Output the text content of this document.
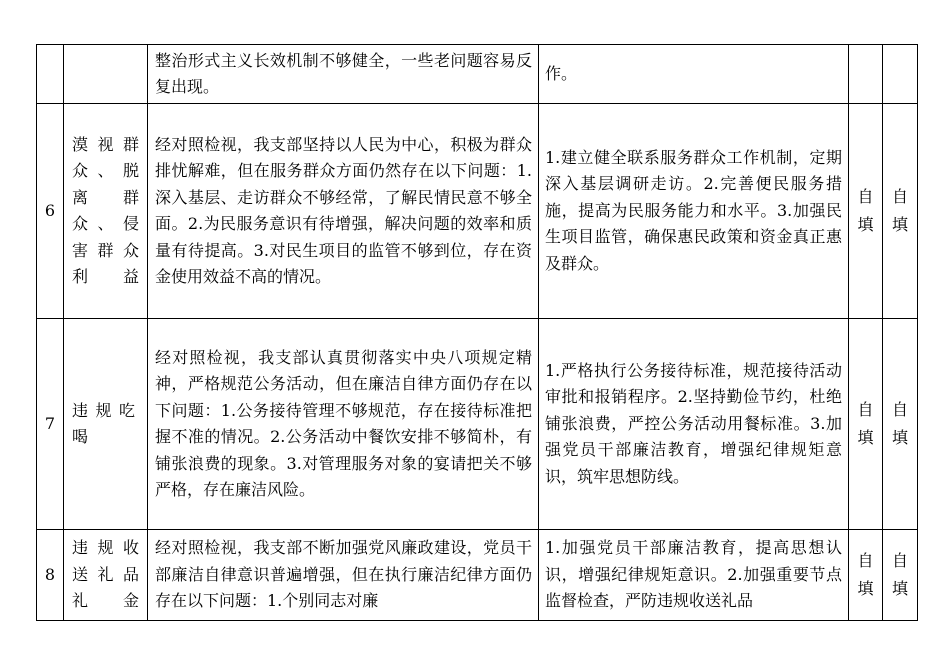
		整治形式主义长效机制不够健全，一些老问题容易反复出现。	作。		
6	漠视群众、脱离群众、侵害群众利益	经对照检视，我支部坚持以人民为中心，积极为群众排忧解难，但在服务群众方面仍然存在以下问题：1.深入基层、走访群众不够经常，了解民情民意不够全面。2.为民服务意识有待增强，解决问题的效率和质量有待提高。3.对民生项目的监管不够到位，存在资金使用效益不高的情况。	1.建立健全联系服务群众工作机制，定期深入基层调研走访。2.完善便民服务措施，提高为民服务能力和水平。3.加强民生项目监管，确保惠民政策和资金真正惠及群众。	自填	自填
7	违规吃喝	经对照检视，我支部认真贯彻落实中央八项规定精神，严格规范公务活动，但在廉洁自律方面仍存在以下问题：1.公务接待管理不够规范，存在接待标准把握不准的情况。2.公务活动中餐饮安排不够简朴，有铺张浪费的现象。3.对管理服务对象的宴请把关不够严格，存在廉洁风险。	1.严格执行公务接待标准，规范接待活动审批和报销程序。2.坚持勤俭节约，杜绝铺张浪费，严控公务活动用餐标准。3.加强党员干部廉洁教育，增强纪律规矩意识，筑牢思想防线。	自填	自填
8	违规收送礼品礼金	经对照检视，我支部不断加强党风廉政建设，党员干部廉洁自律意识普遍增强，但在执行廉洁纪律方面仍存在以下问题：1.个别同志对廉	1.加强党员干部廉洁教育，提高思想认识，增强纪律规矩意识。2.加强重要节点监督检查，严防违规收送礼品	自填	自填
